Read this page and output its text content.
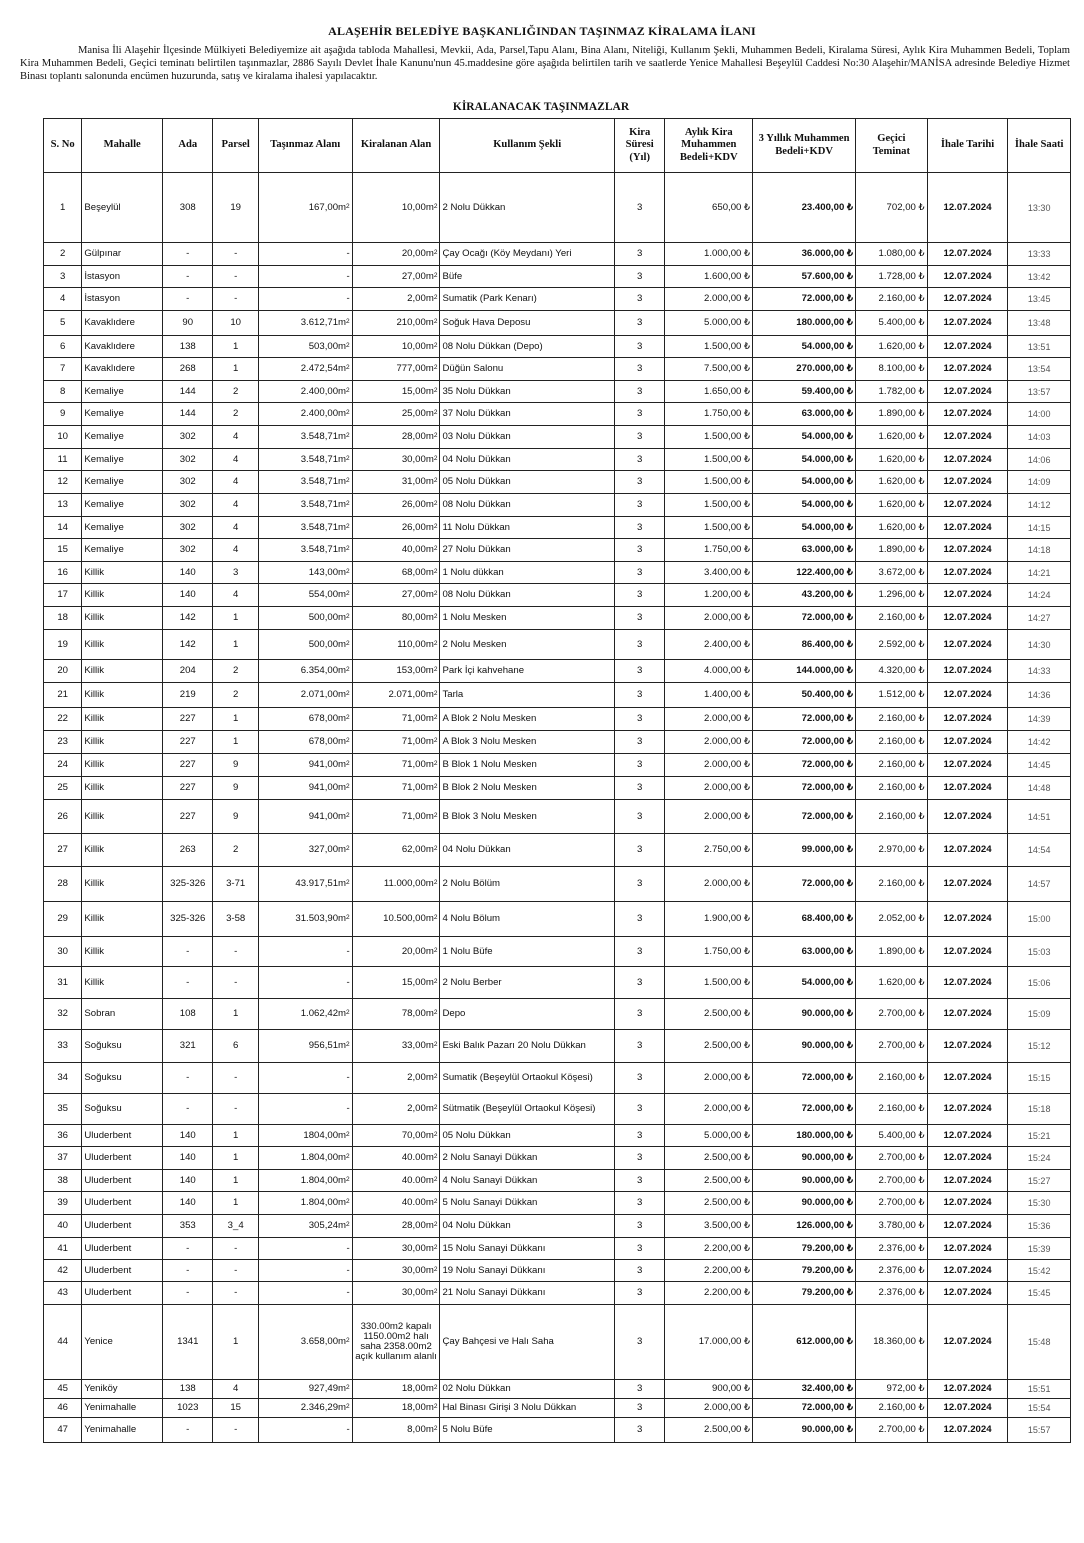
ALAŞEHİR BELEDİYE BAŞKANLIĞINDAN TAŞINMAZ KİRALAMA İLANI
Manisa İli Alaşehir İlçesinde Mülkiyeti Belediyemize ait aşağıda tabloda Mahallesi, Mevkii, Ada, Parsel,Tapu Alanı, Bina Alanı, Niteliği, Kullanım Şekli, Muhammen Bedeli, Kiralama Süresi, Aylık Kira Muhammen Bedeli, Toplam Kira Muhammen Bedeli, Geçici teminatı belirtilen taşınmazlar, 2886 Sayılı Devlet İhale Kanunu'nun 45.maddesine göre aşağıda belirtilen tarih ve saatlerde Yenice Mahallesi Beşeylül Caddesi No:30 Alaşehir/MANİSA adresinde Belediye Hizmet Binası toplantı salonunda encümen huzurunda, satış ve kiralama ihalesi yapılacaktır.
KİRALANACAK TAŞINMAZLAR
S. No	Mahalle	Ada	Parsel	Taşınmaz Alanı	Kiralanan Alan	Kullanım Şekli	Kira Süresi (Yıl)	Aylık Kira Muhammen Bedeli+KDV	3 Yıllık Muhammen Bedeli+KDV	Geçici Teminat	İhale Tarihi	İhale Saati
1	Beşeylül	308	19	$167,00m^2$	$10,00m^2$	2 Nolu Dükkan	3	650,00 ₺	23.400,00 ₺	702,00 ₺	12.07.2024	13:30
2	Gülpınar	-	-	-	$20,00m^2$	Çay Ocağı (Köy Meydanı) Yeri	3	1.000,00 ₺	36.000,00 ₺	1.080,00 ₺	12.07.2024	13:33
3	İstasyon	-	-	-	$27,00m^2$	Büfe	3	1.600,00 ₺	57.600,00 ₺	1.728,00 ₺	12.07.2024	13:42
4	İstasyon	-	-	-	$2,00m^2$	Sumatik (Park Kenarı)	3	2.000,00 ₺	72.000,00 ₺	2.160,00 ₺	12.07.2024	13:45
5	Kavaklıdere	90	10	$3.612,71m^2$	$210,00m^2$	Soğuk Hava Deposu	3	5.000,00 ₺	180.000,00 ₺	5.400,00 ₺	12.07.2024	13:48
6	Kavaklıdere	138	1	$503,00m^2$	$10,00m^2$	08 Nolu Dükkan (Depo)	3	1.500,00 ₺	54.000,00 ₺	1.620,00 ₺	12.07.2024	13:51
7	Kavaklıdere	268	1	$2.472,54m^2$	$777,00m^2$	Düğün Salonu	3	7.500,00 ₺	270.000,00 ₺	8.100,00 ₺	12.07.2024	13:54
8	Kemaliye	144	2	$2.400,00m^2$	$15,00m^2$	35 Nolu Dükkan	3	1.650,00 ₺	59.400,00 ₺	1.782,00 ₺	12.07.2024	13:57
9	Kemaliye	144	2	$2.400,00m^2$	$25,00m^2$	37 Nolu Dükkan	3	1.750,00 ₺	63.000,00 ₺	1.890,00 ₺	12.07.2024	14:00
10	Kemaliye	302	4	$3.548,71m^2$	$28,00m^2$	03 Nolu Dükkan	3	1.500,00 ₺	54.000,00 ₺	1.620,00 ₺	12.07.2024	14:03
11	Kemaliye	302	4	$3.548,71m^2$	$30,00m^2$	04 Nolu Dükkan	3	1.500,00 ₺	54.000,00 ₺	1.620,00 ₺	12.07.2024	14:06
12	Kemaliye	302	4	$3.548,71m^2$	$31,00m^2$	05 Nolu Dükkan	3	1.500,00 ₺	54.000,00 ₺	1.620,00 ₺	12.07.2024	14:09
13	Kemaliye	302	4	$3.548,71m^2$	$26,00m^2$	08 Nolu Dükkan	3	1.500,00 ₺	54.000,00 ₺	1.620,00 ₺	12.07.2024	14:12
14	Kemaliye	302	4	$3.548,71m^2$	$26,00m^2$	11 Nolu Dükkan	3	1.500,00 ₺	54.000,00 ₺	1.620,00 ₺	12.07.2024	14:15
15	Kemaliye	302	4	$3.548,71m^2$	$40,00m^2$	27 Nolu Dükkan	3	1.750,00 ₺	63.000,00 ₺	1.890,00 ₺	12.07.2024	14:18
16	Killik	140	3	$143,00m^2$	$68,00m^2$	1 Nolu dükkan	3	3.400,00 ₺	122.400,00 ₺	3.672,00 ₺	12.07.2024	14:21
17	Killik	140	4	$554,00m^2$	$27,00m^2$	08 Nolu Dükkan	3	1.200,00 ₺	43.200,00 ₺	1.296,00 ₺	12.07.2024	14:24
18	Killik	142	1	$500,00m^2$	$80,00m^2$	1 Nolu Mesken	3	2.000,00 ₺	72.000,00 ₺	2.160,00 ₺	12.07.2024	14:27
19	Killik	142	1	$500,00m^2$	$110,00m^2$	2 Nolu Mesken	3	2.400,00 ₺	86.400,00 ₺	2.592,00 ₺	12.07.2024	14:30
20	Killik	204	2	$6.354,00m^2$	$153,00m^2$	Park İçi kahvehane	3	4.000,00 ₺	144.000,00 ₺	4.320,00 ₺	12.07.2024	14:33
21	Killik	219	2	$2.071,00m^2$	$2.071,00m^2$	Tarla	3	1.400,00 ₺	50.400,00 ₺	1.512,00 ₺	12.07.2024	14:36
22	Killik	227	1	$678,00m^2$	$71,00m^2$	A Blok 2 Nolu Mesken	3	2.000,00 ₺	72.000,00 ₺	2.160,00 ₺	12.07.2024	14:39
23	Killik	227	1	$678,00m^2$	$71,00m^2$	A Blok 3 Nolu Mesken	3	2.000,00 ₺	72.000,00 ₺	2.160,00 ₺	12.07.2024	14:42
24	Killik	227	9	$941,00m^2$	$71,00m^2$	B Blok 1 Nolu Mesken	3	2.000,00 ₺	72.000,00 ₺	2.160,00 ₺	12.07.2024	14:45
25	Killik	227	9	$941,00m^2$	$71,00m^2$	B Blok 2 Nolu Mesken	3	2.000,00 ₺	72.000,00 ₺	2.160,00 ₺	12.07.2024	14:48
26	Killik	227	9	$941,00m^2$	$71,00m^2$	B Blok 3 Nolu Mesken	3	2.000,00 ₺	72.000,00 ₺	2.160,00 ₺	12.07.2024	14:51
27	Killik	263	2	$327,00m^2$	$62,00m^2$	04 Nolu Dükkan	3	2.750,00 ₺	99.000,00 ₺	2.970,00 ₺	12.07.2024	14:54
28	Killik	325-326	3-71	$43.917,51m^2$	$11.000,00m^2$	2 Nolu Bölüm	3	2.000,00 ₺	72.000,00 ₺	2.160,00 ₺	12.07.2024	14:57
29	Killik	325-326	3-58	$31.503,90m^2$	$10.500,00m^2$	4 Nolu Bölum	3	1.900,00 ₺	68.400,00 ₺	2.052,00 ₺	12.07.2024	15:00
30	Killik	-	-	-	$20,00m^2$	1 Nolu Büfe	3	1.750,00 ₺	63.000,00 ₺	1.890,00 ₺	12.07.2024	15:03
31	Killik	-	-	-	$15,00m^2$	2 Nolu Berber	3	1.500,00 ₺	54.000,00 ₺	1.620,00 ₺	12.07.2024	15:06
32	Sobran	108	1	$1.062,42m^2$	$78,00m^2$	Depo	3	2.500,00 ₺	90.000,00 ₺	2.700,00 ₺	12.07.2024	15:09
33	Soğuksu	321	6	$956,51m^2$	$33,00m^2$	Eski Balık Pazarı 20 Nolu Dükkan	3	2.500,00 ₺	90.000,00 ₺	2.700,00 ₺	12.07.2024	15:12
34	Soğuksu	-	-	-	$2,00m^2$	Sumatik (Beşeylül Ortaokul Köşesi)	3	2.000,00 ₺	72.000,00 ₺	2.160,00 ₺	12.07.2024	15:15
35	Soğuksu	-	-	-	$2,00m^2$	Sütmatik (Beşeylül Ortaokul Köşesi)	3	2.000,00 ₺	72.000,00 ₺	2.160,00 ₺	12.07.2024	15:18
36	Uluderbent	140	1	$1804,00m^2$	$70,00m^2$	05 Nolu Dükkan	3	5.000,00 ₺	180.000,00 ₺	5.400,00 ₺	12.07.2024	15:21
37	Uluderbent	140	1	$1.804,00m^2$	$40.00m^2$	2 Nolu Sanayi Dükkan	3	2.500,00 ₺	90.000,00 ₺	2.700,00 ₺	12.07.2024	15:24
38	Uluderbent	140	1	$1.804,00m^2$	$40.00m^2$	4 Nolu Sanayi Dükkan	3	2.500,00 ₺	90.000,00 ₺	2.700,00 ₺	12.07.2024	15:27
39	Uluderbent	140	1	$1.804,00m^2$	$40.00m^2$	5 Nolu Sanayi Dükkan	3	2.500,00 ₺	90.000,00 ₺	2.700,00 ₺	12.07.2024	15:30
40	Uluderbent	353	3_4	$305,24m^2$	$28,00m^2$	04 Nolu Dükkan	3	3.500,00 ₺	126.000,00 ₺	3.780,00 ₺	12.07.2024	15:36
41	Uluderbent	-	-	-	$30,00m^2$	15 Nolu Sanayi Dükkanı	3	2.200,00 ₺	79.200,00 ₺	2.376,00 ₺	12.07.2024	15:39
42	Uluderbent	-	-	-	$30,00m^2$	19 Nolu Sanayi Dükkanı	3	2.200,00 ₺	79.200,00 ₺	2.376,00 ₺	12.07.2024	15:42
43	Uluderbent	-	-	-	$30,00m^2$	21 Nolu Sanayi Dükkanı	3	2.200,00 ₺	79.200,00 ₺	2.376,00 ₺	12.07.2024	15:45
44	Yenice	1341	1	$3.658,00m^2$	330.00m2 kapalı 1150.00m2 halı saha 2358.00m2 açık kullanım alanlı	Çay Bahçesi ve Halı Saha	3	17.000,00 ₺	612.000,00 ₺	18.360,00 ₺	12.07.2024	15:48
45	Yeniköy	138	4	$927,49m^2$	$18,00m^2$	02 Nolu Dükkan	3	900,00 ₺	32.400,00 ₺	972,00 ₺	12.07.2024	15:51
46	Yenimahalle	1023	15	$2.346,29m^2$	$18,00m^2$	Hal Binası Girişi 3 Nolu Dükkan	3	2.000,00 ₺	72.000,00 ₺	2.160,00 ₺	12.07.2024	15:54
47	Yenimahalle	-	-	-	$8,00m^2$	5 Nolu Büfe	3	2.500,00 ₺	90.000,00 ₺	2.700,00 ₺	12.07.2024	15:57
